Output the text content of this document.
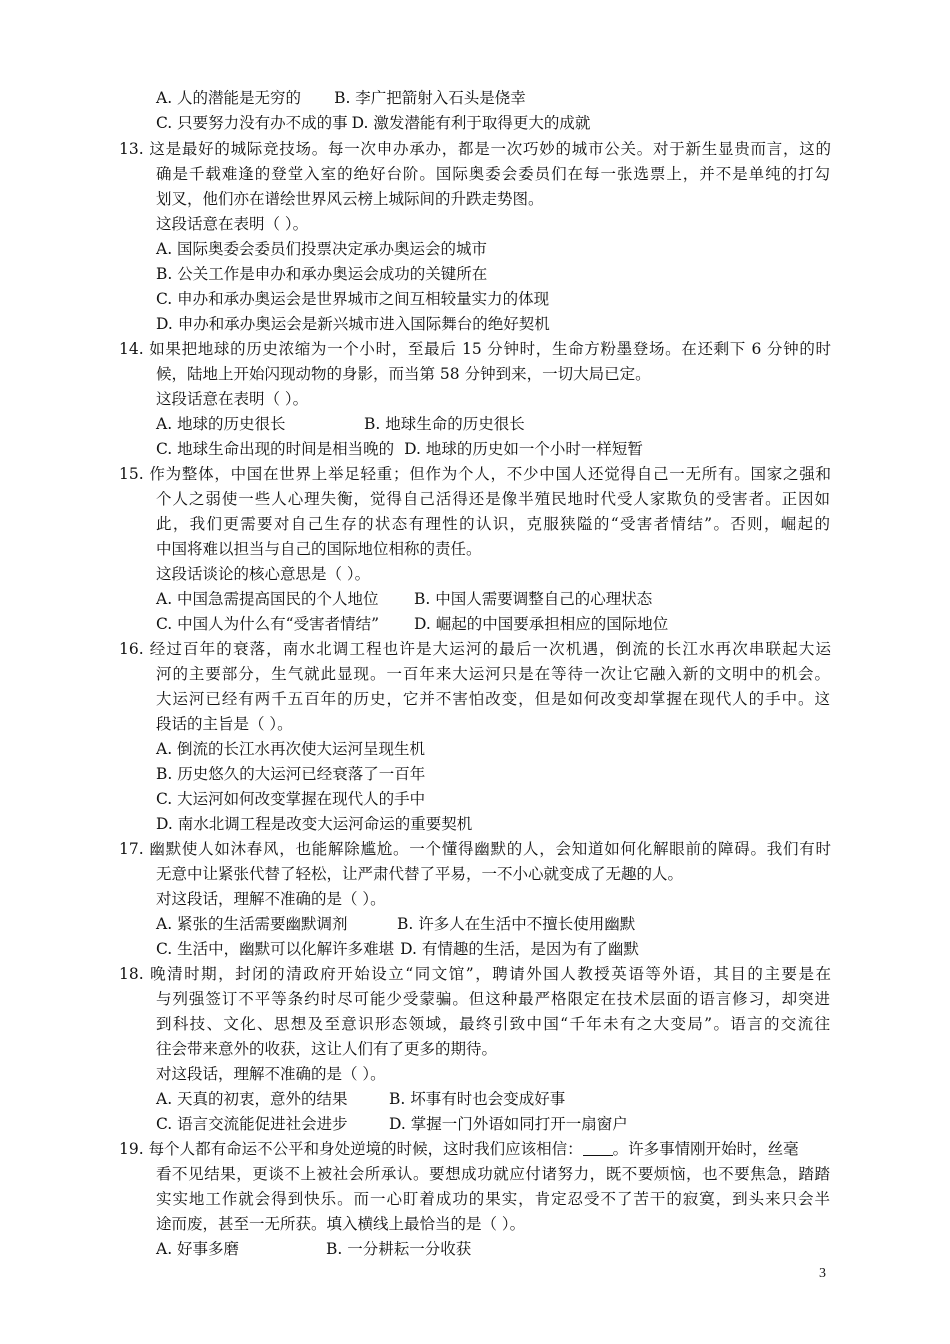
A. 人的潜能是无穷的 B. 李广把箭射入石头是侥幸
C. 只要努力没有办不成的事 D. 激发潜能有利于取得更大的成就
13. 这是最好的城际竞技场。每一次申办承办，都是一次巧妙的城市公关。对于新生显贵而言，这的
确是千载难逢的登堂入室的绝好台阶。国际奥委会委员们在每一张选票上，并不是单纯的打勾
划叉，他们亦在谱绘世界风云榜上城际间的升跌走势图。
这段话意在表明（ ）。
A. 国际奥委会委员们投票决定承办奥运会的城市
B. 公关工作是申办和承办奥运会成功的关键所在
C. 申办和承办奥运会是世界城市之间互相较量实力的体现
D. 申办和承办奥运会是新兴城市进入国际舞台的绝好契机
14. 如果把地球的历史浓缩为一个小时，至最后 15 分钟时，生命方粉墨登场。在还剩下 6 分钟的时
候，陆地上开始闪现动物的身影，而当第 58 分钟到来，一切大局已定。
这段话意在表明（ ）。
A. 地球的历史很长	B. 地球生命的历史很长
C. 地球生命出现的时间是相当晚的 D. 地球的历史如一个小时一样短暂
15. 作为整体，中国在世界上举足轻重；但作为个人，不少中国人还觉得自己一无所有。国家之强和
个人之弱使一些人心理失衡，觉得自己活得还是像半殖民地时代受人家欺负的受害者。正因如
此，我们更需要对自己生存的状态有理性的认识，克服狭隘的“受害者情结”。否则，崛起的
中国将难以担当与自己的国际地位相称的责任。
这段话谈论的核心意思是（ ）。
A. 中国急需提高国民的个人地位 B. 中国人需要调整自己的心理状态
C. 中国人为什么有“受害者情结” D. 崛起的中国要承担相应的国际地位
16. 经过百年的衰落，南水北调工程也许是大运河的最后一次机遇，倒流的长江水再次串联起大运
河的主要部分，生气就此显现。一百年来大运河只是在等待一次让它融入新的文明中的机会。
大运河已经有两千五百年的历史，它并不害怕改变，但是如何改变却掌握在现代人的手中。这
段话的主旨是（ ）。
A. 倒流的长江水再次使大运河呈现生机
B. 历史悠久的大运河已经衰落了一百年
C. 大运河如何改变掌握在现代人的手中
D. 南水北调工程是改变大运河命运的重要契机
17. 幽默使人如沐春风，也能解除尴尬。一个懂得幽默的人，会知道如何化解眼前的障碍。我们有时
无意中让紧张代替了轻松，让严肃代替了平易，一不小心就变成了无趣的人。
对这段话，理解不准确的是（ ）。
A. 紧张的生活需要幽默调剂	B. 许多人在生活中不擅长使用幽默
C. 生活中，幽默可以化解许多难堪 D. 有情趣的生活，是因为有了幽默
18. 晚清时期，封闭的清政府开始设立“同文馆”，聘请外国人教授英语等外语，其目的主要是在
与列强签订不平等条约时尽可能少受蒙骗。但这种最严格限定在技术层面的语言修习，却突进
到科技、文化、思想及至意识形态领域，最终引致中国“千年未有之大变局”。语言的交流往
往会带来意外的收获，这让人们有了更多的期待。
对这段话，理解不准确的是（ ）。
A. 天真的初衷，意外的结果	B. 坏事有时也会变成好事
C. 语言交流能促进社会进步	D. 掌握一门外语如同打开一扇窗户
19. 每个人都有命运不公平和身处逆境的时候，这时我们应该相信： 。许多事情刚开始时，丝毫
看不见结果，更谈不上被社会所承认。要想成功就应付诸努力，既不要烦恼，也不要焦急，踏踏
实实地工作就会得到快乐。而一心盯着成功的果实，肯定忍受不了苦干的寂寞，到头来只会半
途而废，甚至一无所获。填入横线上最恰当的是（ ）。
A. 好事多磨	B. 一分耕耘一分收获
3
